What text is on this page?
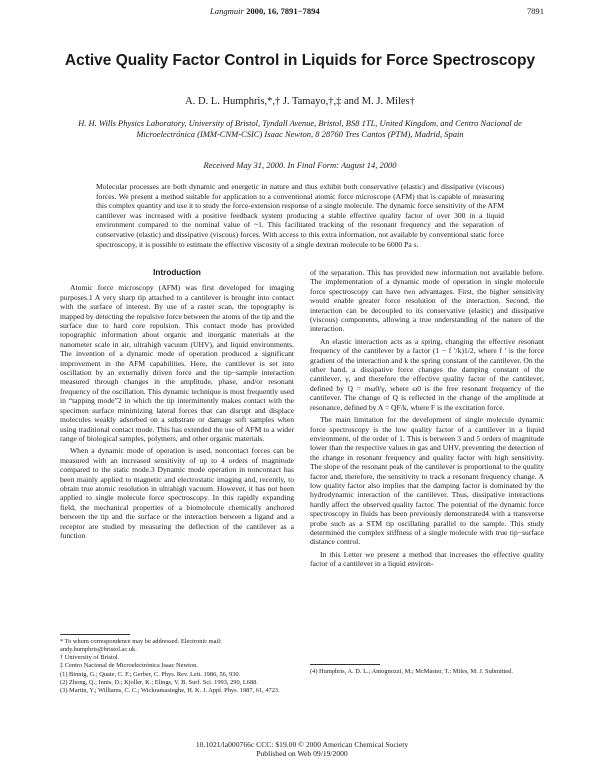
Langmuir 2000, 16, 7891−7894	7891
Active Quality Factor Control in Liquids for Force Spectroscopy
A. D. L. Humphris,*,† J. Tamayo,†,‡ and M. J. Miles†
H. H. Wills Physics Laboratory, University of Bristol, Tyndall Avenue, Bristol, BS8 1TL, United Kingdom, and Centro Nacional de Microelectrónica (IMM-CNM-CSIC) Isaac Newton, 8 28760 Tres Cantos (PTM), Madrid, Spain
Received May 31, 2000. In Final Form: August 14, 2000
Molecular processes are both dynamic and energetic in nature and thus exhibit both conservative (elastic) and dissipative (viscous) forces. We present a method suitable for application to a conventional atomic force microscope (AFM) that is capable of measuring this complex quantity and use it to study the force-extension response of a single molecule. The dynamic force sensitivity of the AFM cantilever was increased with a positive feedback system producing a stable effective quality factor of over 300 in a liquid environment compared to the nominal value of ~1. This facilitated tracking of the resonant frequency and the separation of conservative (elastic) and dissipative (viscous) forces. With access to this extra information, not available by conventional static force spectroscopy, it is possible to estimate the effective viscosity of a single dextran molecule to be 6000 Pa s.
Introduction

Atomic force microscopy (AFM) was first developed for imaging purposes.1 A very sharp tip attached to a cantilever is brought into contact with the surface of interest. By use of a raster scan, the topography is mapped by detecting the repulsive force between the atoms of the tip and the surface due to hard core repulsion. This contact mode has provided topographic information about organic and inorganic materials at the nanometer scale in air, ultrahigh vacuum (UHV), and liquid environments. The invention of a dynamic mode of operation produced a significant improvement in the AFM capabilities. Here, the cantilever is set into oscillation by an externally driven force and the tip−sample interaction measured through changes in the amplitude, phase, and/or resonant frequency of the oscillation. This dynamic technique is most frequently used in “tapping mode”2 in which the tip intermittently makes contact with the specimen surface minimizing lateral forces that can disrupt and displace molecules weakly adsorbed on a substrate or damage soft samples when using traditional contact mode. This has extended the use of AFM to a wider range of biological samples, polymers, and other organic materials.

When a dynamic mode of operation is used, noncontact forces can be measured with an increased sensitivity of up to 4 orders of magnitude compared to the static mode.3 Dynamic mode operation in noncontact has been mainly applied to magnetic and electrostatic imaging and, recently, to obtain true atomic resolution in ultrahigh vacuum. However, it has not been applied to single molecule force spectroscopy. In this rapidly expanding field, the mechanical properties of a biomolecule chemically anchored between the tip and the surface or the interaction between a ligand and a receptor are studied by measuring the deflection of the cantilever as a function

of the separation. This has provided new information not available before. The implementation of a dynamic mode of operation in single molecule force spectroscopy can have two advantages. First, the higher sensitivity would enable greater force resolution of the interaction. Second, the interaction can be decoupled to its conservative (elastic) and dissipative (viscous) components, allowing a true understanding of the nature of the interaction.

An elastic interaction acts as a spring, changing the effective resonant frequency of the cantilever by a factor (1 − f ′/k)1/2, where f ′ is the force gradient of the interaction and k the spring constant of the cantilever. On the other hand, a dissipative force changes the damping constant of the cantilever, γ, and therefore the effective quality factor of the cantilever, defined by Q = mω0/γ, where ω0 is the free resonant frequency of the cantilever. The change of Q is reflected in the change of the amplitude at resonance, defined by A = QF/k, where F is the excitation force.

The main limitation for the development of single molecule dynamic force spectroscopy is the low quality factor of a cantilever in a liquid environment, of the order of 1. This is between 3 and 5 orders of magnitude lower than the respective values in gas and UHV, preventing the detection of the change in resonant frequency and quality factor with high sensitivity. The slope of the resonant peak of the cantilever is proportional to the quality factor and, therefore, the sensitivity to track a resonant frequency change. A low quality factor also implies that the damping factor is dominated by the hydrodynamic interaction of the cantilever. Thus, dissipative interactions hardly affect the observed quality factor. The potential of the dynamic force spectroscopy in fluids has been previously demonstrated4 with a transverse probe such as a STM tip oscillating parallel to the sample. This study determined the complex stiffness of a single molecule with true tip−surface distance control.

In this Letter we present a method that increases the effective quality factor of a cantilever in a liquid environ-

* To whom correspondence may be addressed. Electronic mail: andy.humphris@bristol.ac.uk.
† University of Bristol.
‡ Centro Nacional de Microelectrónica Isaac Newton.
(1) Binnig, G.; Quate, C. F.; Gerber, C. Phys. Rev. Lett. 1986, 56, 930.
(2) Zhong, Q.; Innis, D.; Kjoller, K.; Elings, V. B. Surf. Sci. 1993, 290, L688.
(3) Martin, Y.; Williams, C. C.; Wickramasinghe, H. K. J. Appl. Phys. 1987, 61, 4723.
(4) Humphris, A. D. L.; Antognozzi, M.; McMaster, T.; Miles, M. J. Submitted.
10.1021/la000766c CCC: $19.00 © 2000 American Chemical Society
Published on Web 09/19/2000
